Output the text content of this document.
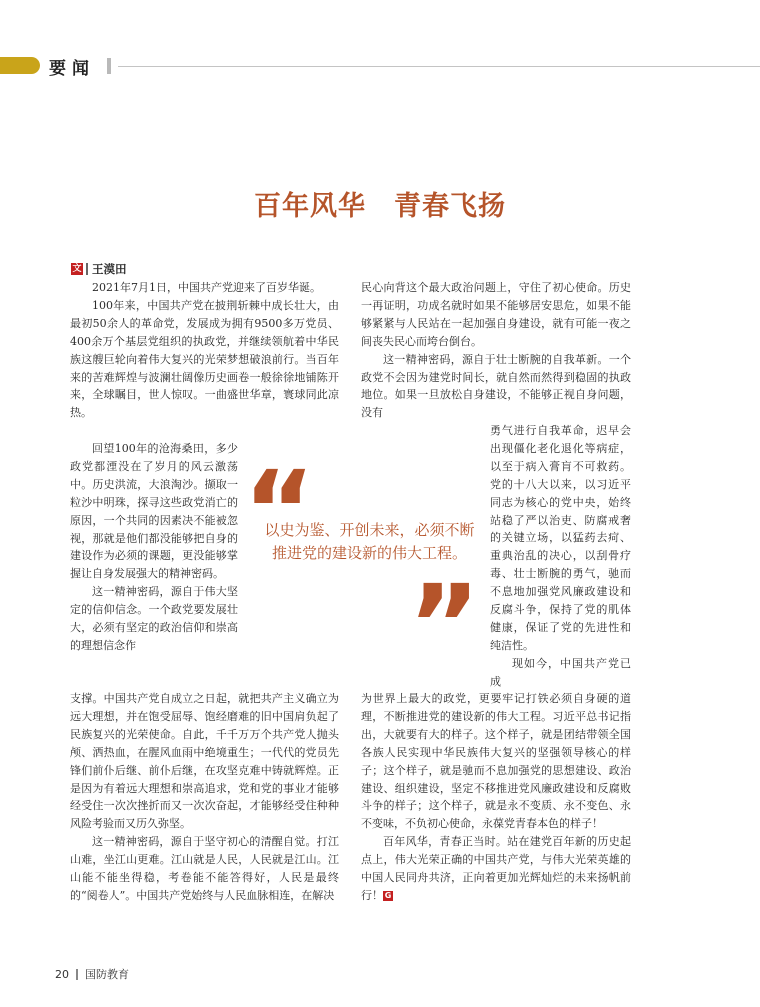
要闻
百年风华　青春飞扬
文 王漠田

2021年7月1日，中国共产党迎来了百岁华诞。

100年来，中国共产党在披荆斩棘中成长壮大，由最初50余人的革命党，发展成为拥有9500多万党员、400余万个基层党组织的执政党，并继续领航着中华民族这艘巨轮向着伟大复兴的光荣梦想破浪前行。当百年来的苦难辉煌与波澜壮阔像历史画卷一般徐徐地铺陈开来，全球瞩目，世人惊叹。一曲盛世华章，寰球同此凉热。

回望100年的沧海桑田，多少政党都湮没在了岁月的风云激荡中。历史洪流，大浪淘沙。撷取一粒沙中明珠，探寻这些政党消亡的原因，一个共同的因素决不能被忽视，那就是他们都没能够把自身的建设作为必须的课题，更没能够掌握让自身发展强大的精神密码。

这一精神密码，源自于伟大坚定的信仰信念。一个政党要发展壮大，必须有坚定的政治信仰和崇高的理想信念作

支撑。中国共产党自成立之日起，就把共产主义确立为远大理想，并在饱受屈辱、饱经磨难的旧中国肩负起了民族复兴的光荣使命。自此，千千万万个共产党人抛头颅、洒热血，在腥风血雨中绝境重生；一代代的党员先锋们前仆后继、前仆后继，在攻坚克难中铸就辉煌。正是因为有着远大理想和崇高追求，党和党的事业才能够经受住一次次挫折而又一次次奋起，才能够经受住种种风险考验而又历久弥坚。

这一精神密码，源自于坚守初心的清醒自觉。打江山难，坐江山更难。江山就是人民，人民就是江山。江山能不能坐得稳，考卷能不能答得好，人民是最终的“阅卷人”。中国共产党始终与人民血脉相连，在解决

民心向背这个最大政治问题上，守住了初心使命。历史一再证明，功成名就时如果不能够居安思危，如果不能够紧紧与人民站在一起加强自身建设，就有可能一夜之间丧失民心而垮台倒台。

这一精神密码，源自于壮士断腕的自我革新。一个政党不会因为建党时间长，就自然而然得到稳固的执政地位。如果一旦放松自身建设，不能够正视自身问题，没有

勇气进行自我革命，迟早会出现僵化老化退化等病症，以至于病入膏肓不可救药。党的十八大以来，以习近平同志为核心的党中央，始终站稳了严以治吏、防腐戒奢的关键立场，以猛药去疴、重典治乱的决心，以刮骨疗毒、壮士断腕的勇气，驰而不息地加强党风廉政建设和反腐斗争，保持了党的肌体健康，保证了党的先进性和纯洁性。

现如今，中国共产党已成

为世界上最大的政党，更要牢记打铁必须自身硬的道理，不断推进党的建设新的伟大工程。习近平总书记指出，大就要有大的样子。这个样子，就是团结带领全国各族人民实现中华民族伟大复兴的坚强领导核心的样子；这个样子，就是驰而不息加强党的思想建设、政治建设、组织建设，坚定不移推进党风廉政建设和反腐败斗争的样子；这个样子，就是永不变质、永不变色、永不变味，不负初心使命，永葆党青春本色的样子！

百年风华，青春正当时。站在建党百年新的历史起点上，伟大光荣正确的中国共产党，与伟大光荣英雄的中国人民同舟共济，正向着更加光辉灿烂的未来扬帆前行！ G

“
以史为鉴、开创未来，必须不断推进党的建设新的伟大工程。
”
20 国防教育
